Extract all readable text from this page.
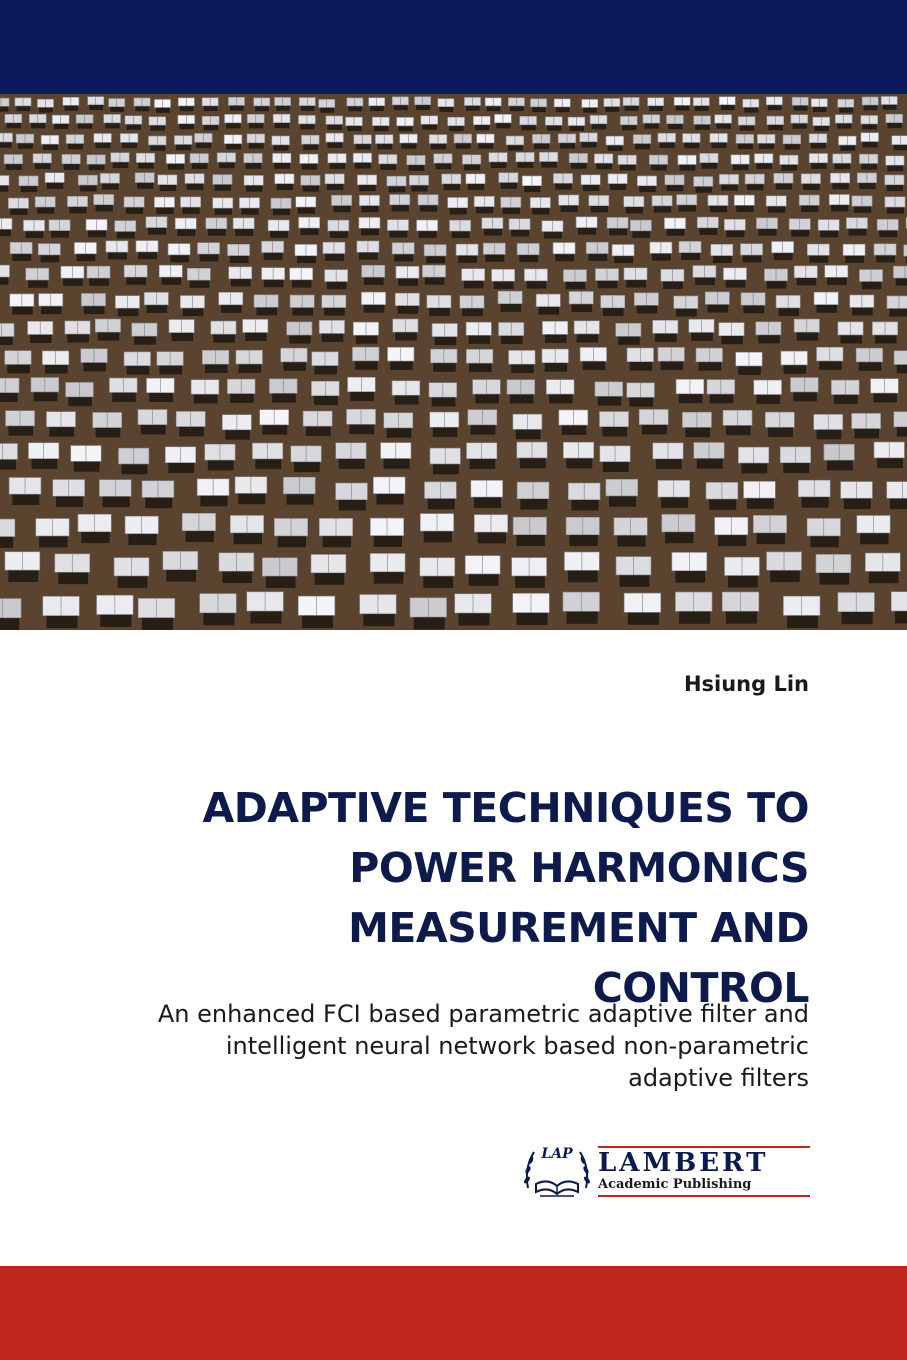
Hsiung Lin
ADAPTIVE TECHNIQUES TO
POWER HARMONICS
MEASUREMENT AND
CONTROL
An enhanced FCI based parametric adaptive filter and
intelligent neural network based non-parametric
adaptive filters
LAP LAMBERT
Academic Publishing
